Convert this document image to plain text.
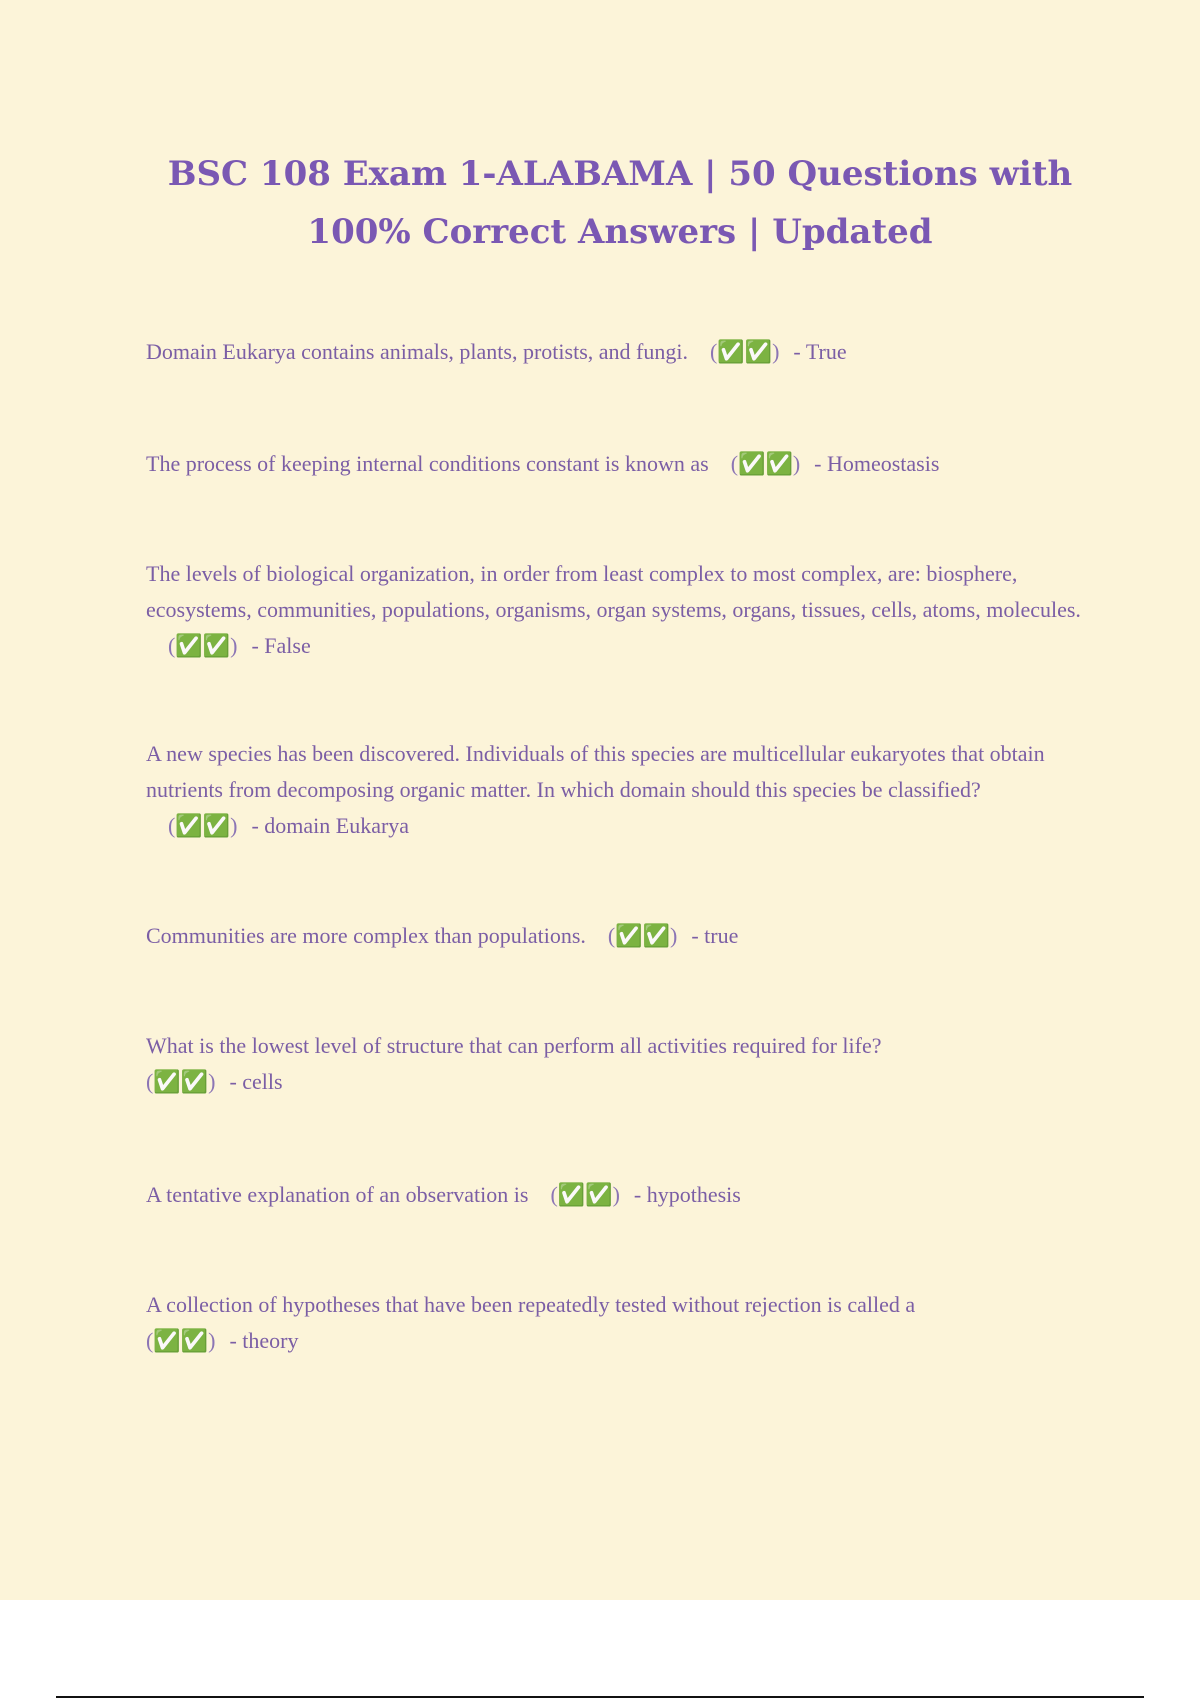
BSC 108 Exam 1-ALABAMA | 50 Questions with 100% Correct Answers | Updated

Domain Eukarya contains animals, plants, protists, and fungi. (✅✅) - True

The process of keeping internal conditions constant is known as (✅✅) - Homeostasis

The levels of biological organization, in order from least complex to most complex, are: biosphere, ecosystems, communities, populations, organisms, organ systems, organs, tissues, cells, atoms, molecules.(✅✅) - False

A new species has been discovered. Individuals of this species are multicellular eukaryotes that obtain nutrients from decomposing organic matter. In which domain should this species be classified?(✅✅) - domain Eukarya

Communities are more complex than populations. (✅✅) - true

What is the lowest level of structure that can perform all activities required for life?
(✅✅) - cells

A tentative explanation of an observation is (✅✅) - hypothesis

A collection of hypotheses that have been repeatedly tested without rejection is called a
(✅✅) - theory
